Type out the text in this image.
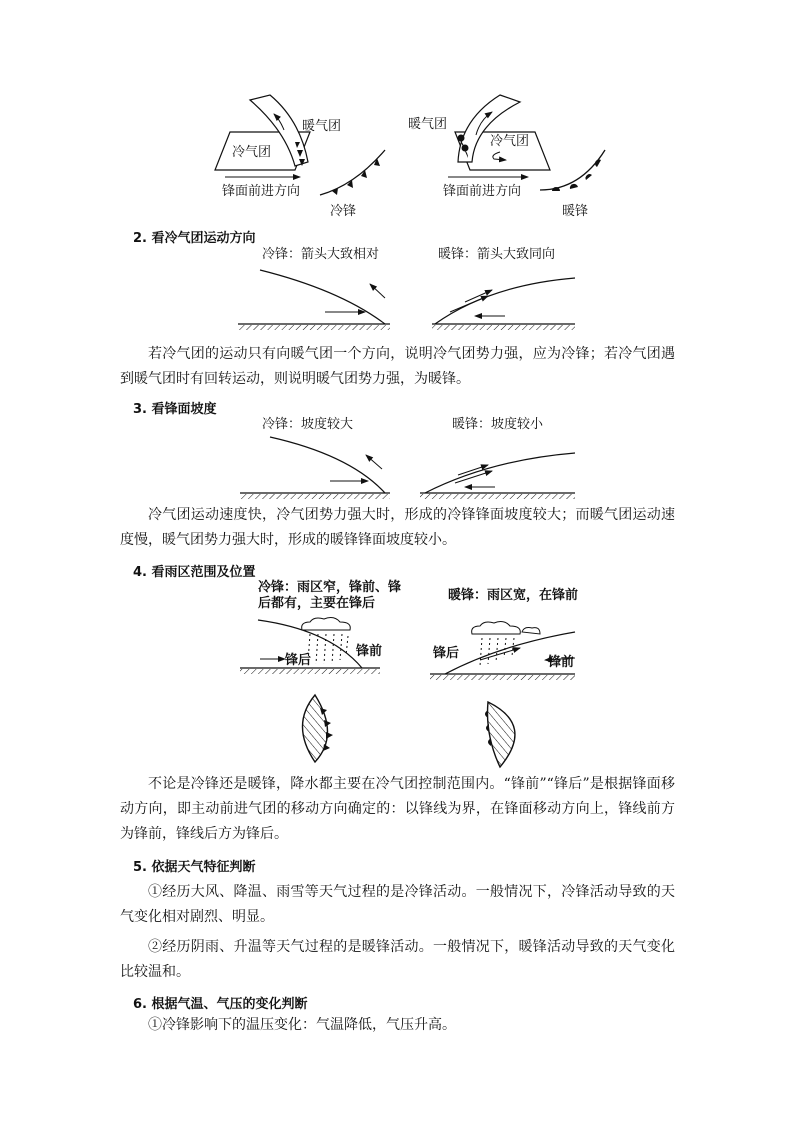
暖气团
冷气团
锋面前进方向
冷锋
暖气团
冷气团
锋面前进方向
暖锋
2. 看冷气团运动方向
冷锋：箭头大致相对	暖锋：箭头大致同向
若冷气团的运动只有向暖气团一个方向，说明冷气团势力强，应为冷锋；若冷气团遇到暖气团时有回转运动，则说明暖气团势力强，为暖锋。
3. 看锋面坡度
冷锋：坡度较大	暖锋：坡度较小
冷气团运动速度快，冷气团势力强大时，形成的冷锋锋面坡度较大；而暖气团运动速度慢，暖气团势力强大时，形成的暖锋锋面坡度较小。
4. 看雨区范围及位置
冷锋：雨区窄，锋前、锋
后都有，主要在锋后
暖锋：雨区宽，在锋前
锋后
锋前	锋后
锋前
不论是冷锋还是暖锋，降水都主要在冷气团控制范围内。“锋前”“锋后”是根据锋面移动方向，即主动前进气团的移动方向确定的：以锋线为界，在锋面移动方向上，锋线前方为锋前，锋线后方为锋后。
5. 依据天气特征判断
①经历大风、降温、雨雪等天气过程的是冷锋活动。一般情况下，冷锋活动导致的天气变化相对剧烈、明显。
②经历阴雨、升温等天气过程的是暖锋活动。一般情况下，暖锋活动导致的天气变化比较温和。
6. 根据气温、气压的变化判断
①冷锋影响下的温压变化：气温降低，气压升高。
